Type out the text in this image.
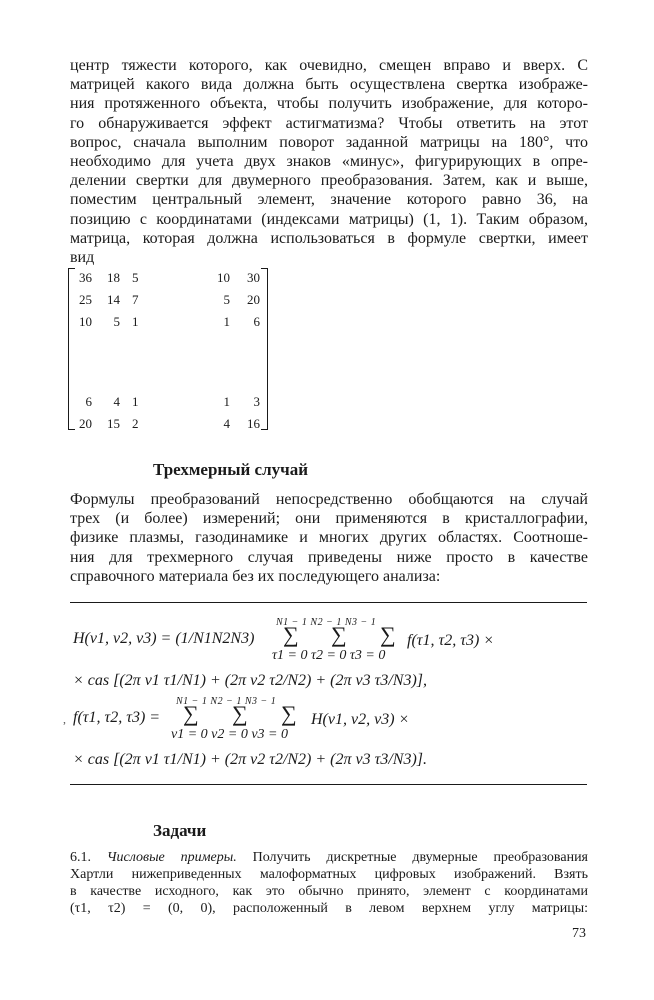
центр тяжести которого, как очевидно, смещен вправо и вверх. С
матрицей какого вида должна быть осуществлена свертка изображе-
ния протяженного объекта, чтобы получить изображение, для которо-
го обнаруживается эффект астигматизма? Чтобы ответить на этот
вопрос, сначала выполним поворот заданной матрицы на 180°, что
необходимо для учета двух знаков «минус», фигурирующих в опре-
делении свертки для двумерного преобразования. Затем, как и выше,
поместим центральный элемент, значение которого равно 36, на
позицию с координатами (индексами матрицы) (1, 1). Таким образом,
матрица, которая должна использоваться в формуле свертки, имеет
вид
36	18 5	10	30
25	14 7	5	20
10	5 1	1	6
6	4 1	1	3
20	15 2	4	16
Трехмерный случай
Формулы преобразований непосредственно обобщаются на случай
трех (и более) измерений; они применяются в кристаллографии,
физике плазмы, газодинамике и многих других областях. Соотноше-
ния для трехмерного случая приведены ниже просто в качестве
справочного материала без их последующего анализа:
N1 − 1 N2 − 1 N3 − 1
H(ν1, ν2, ν3) = (1/N1N2N3) ∑ ∑ ∑ f(τ1, τ2, τ3) ×
τ1 = 0 τ2 = 0 τ3 = 0
× cas [(2π ν1 τ1/N1) + (2π ν2 τ2/N2) + (2π ν3 τ3/N3)],
N1 − 1 N2 − 1 N3 − 1
, f(τ1, τ2, τ3) = ∑ ∑ ∑ H(ν1, ν2, ν3) ×
ν1 = 0 ν2 = 0 ν3 = 0
× cas [(2π ν1 τ1/N1) + (2π ν2 τ2/N2) + (2π ν3 τ3/N3)].
Задачи
6.1. Числовые примеры. Получить дискретные двумерные преобразования
Хартли нижеприведенных малоформатных цифровых изображений. Взять
в качестве исходного, как это обычно принято, элемент с координатами
(τ1, τ2) = (0, 0), расположенный в левом верхнем углу матрицы:
73
